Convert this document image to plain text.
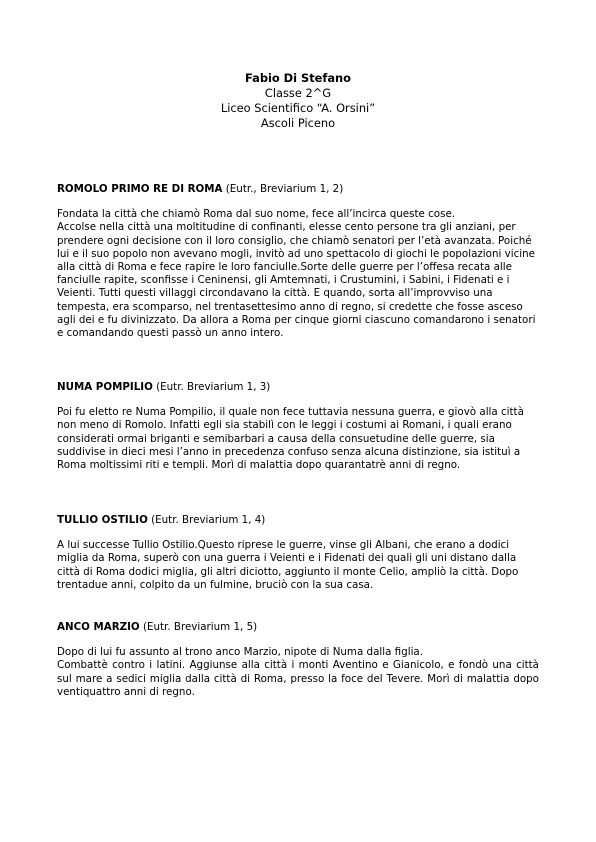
Fabio Di Stefano
Classe 2^G
Liceo Scientifico “A. Orsini”
Ascoli Piceno

ROMOLO PRIMO RE DI ROMA (Eutr., Breviarium 1, 2)

Fondata la città che chiamò Roma dal suo nome, fece all’incirca queste cose.
Accolse nella città una moltitudine di confinanti, elesse cento persone tra gli anziani, per prendere ogni decisione con il loro consiglio, che chiamò senatori per l’età avanzata. Poiché lui e il suo popolo non avevano mogli, invitò ad uno spettacolo di giochi le popolazioni vicine alla città di Roma e fece rapire le loro fanciulle.Sorte delle guerre per l’offesa recata alle fanciulle rapite, sconfisse i Ceninensi, gli Amtemnati, i Crustumini, i Sabini, i Fidenati e i Veienti. Tutti questi villaggi circondavano la città. E quando, sorta all’improvviso una tempesta, era scomparso, nel trentasettesimo anno di regno, si credette che fosse asceso agli dei e fu divinizzato. Da allora a Roma per cinque giorni ciascuno comandarono i senatori e comandando questi passò un anno intero.

NUMA POMPILIO (Eutr. Breviarium 1, 3)

Poi fu eletto re Numa Pompilio, il quale non fece tuttavia nessuna guerra, e giovò alla città non meno di Romolo. Infatti egli sia stabilì con le leggi i costumi ai Romani, i quali erano considerati ormai briganti e semibarbari a causa della consuetudine delle guerre, sia suddivise in dieci mesi l’anno in precedenza confuso senza alcuna distinzione, sia istituì a Roma moltissimi riti e templi. Morì di malattia dopo quarantatrè anni di regno.

TULLIO OSTILIO (Eutr. Breviarium 1, 4)

A lui successe Tullio Ostilio.Questo riprese le guerre, vinse gli Albani, che erano a dodici miglia da Roma, superò con una guerra i Veienti e i Fidenati dei quali gli uni distano dalla città di Roma dodici miglia, gli altri diciotto, aggiunto il monte Celio, ampliò la città. Dopo trentadue anni, colpito da un fulmine, bruciò con la sua casa.

ANCO MARZIO (Eutr. Breviarium 1, 5)

Dopo di lui fu assunto al trono anco Marzio, nipote di Numa dalla figlia.
Combattè contro i latini. Aggiunse alla città i monti Aventino e Gianicolo, e fondò una città sul mare a sedici miglia dalla città di Roma, presso la foce del Tevere. Morì di malattia dopo ventiquattro anni di regno.
